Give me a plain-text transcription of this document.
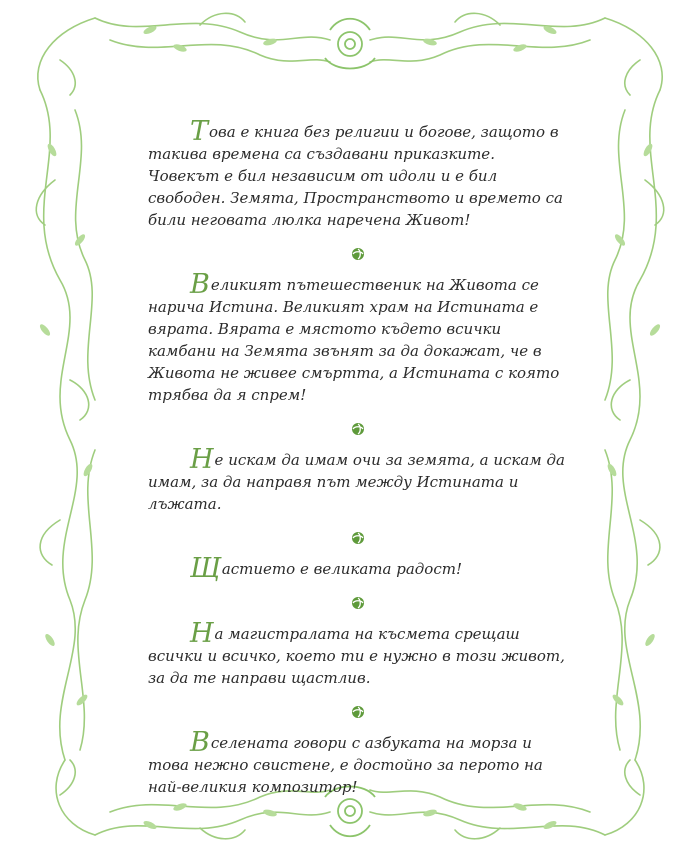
Това е книга без религии и богове, защото в такива времена са създавани приказките. Човекът е бил независим от идоли и е бил свободен. Земята, Пространството и времето са били неговата люлка наречена Живот!

Великият пътешественик на Живота се нарича Истина. Великият храм на Истината е вярата. Вярата е мястото където всички камбани на Земята звънят за да докажат, че в Живота не живее смъртта, а Истината с която трябва да я спрем!

Не искам да имам очи за земята, а искам да имам, за да направя път между Истината и лъжата.

Щастието е великата радост!

На магистралата на късмета срещаш всички и всичко, което ти е нужно в този живот, за да те направи щастлив.

Вселената говори с азбуката на морза и това нежно свистене, е достойно за перото на най-великия композитор!
